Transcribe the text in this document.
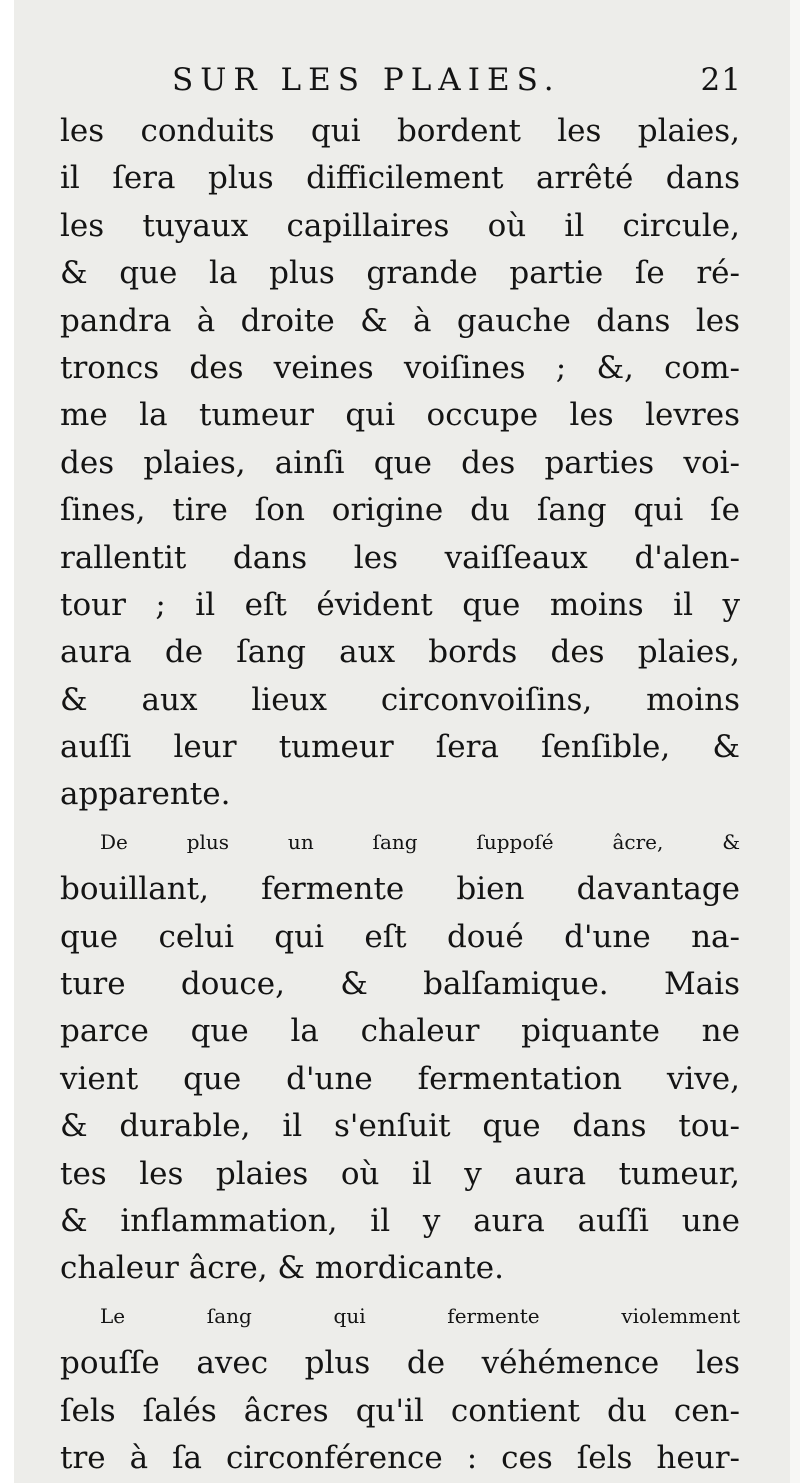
SUR LES PLAIES.	21
les conduits qui bordent les plaies,
il ſera plus difficilement arrêté dans
les tuyaux capillaires où il circule,
& que la plus grande partie ſe ré-
pandra à droite & à gauche dans les
troncs des veines voiſines ; &, com-
me la tumeur qui occupe les levres
des plaies, ainſi que des parties voi-
ſines, tire ſon origine du ſang qui ſe
rallentit dans les vaiſſeaux d'alen-
tour ; il eſt évident que moins il y
aura de ſang aux bords des plaies,
& aux lieux circonvoiſins, moins
auſſi leur tumeur ſera ſenſible, &
apparente.
De plus un ſang ſuppoſé âcre, &
bouillant, fermente bien davantage
que celui qui eſt doué d'une na-
ture douce, & balſamique. Mais
parce que la chaleur piquante ne
vient que d'une fermentation vive,
& durable, il s'enſuit que dans tou-
tes les plaies où il y aura tumeur,
& inflammation, il y aura auſſi une
chaleur âcre, & mordicante.
Le ſang qui fermente violemment
pouſſe avec plus de véhémence les
ſels ſalés âcres qu'il contient du cen-
tre à ſa circonférence : ces ſels heur-
